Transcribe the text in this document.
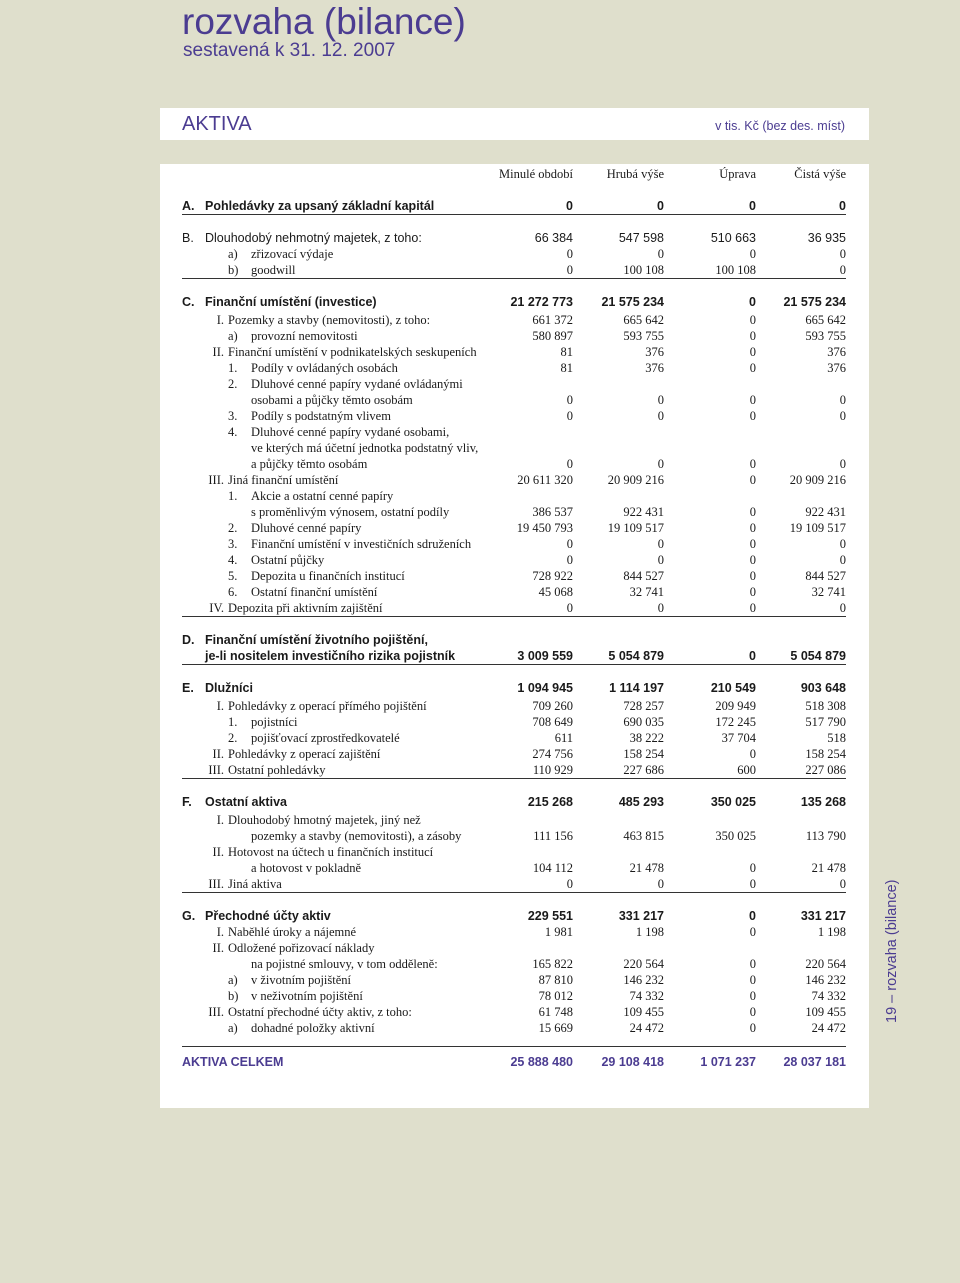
rozvaha (bilance)
sestavená k 31. 12. 2007
AKTIVA	v tis. Kč (bez des. míst)
Minulé období	Hrubá výše	Úprava	Čistá výše
A. Pohledávky za upsaný základní kapitál	0	0	0	0
B. Dlouhodobý nehmotný majetek, z toho:	66 384	547 598	510 663	36 935
a) zřizovací výdaje	0	0	0	0
b) goodwill	0	100 108	100 108	0
C. Finanční umístění (investice)	21 272 773	21 575 234	0	21 575 234
I. Pozemky a stavby (nemovitosti), z toho:	661 372	665 642	0	665 642
a) provozní nemovitosti	580 897	593 755	0	593 755
II. Finanční umístění v podnikatelských seskupeních	81	376	0	376
1. Podíly v ovládaných osobách	81	376	0	376
2. Dluhové cenné papíry vydané ovládanými
osobami a půjčky těmto osobám	0	0	0	0
3. Podíly s podstatným vlivem	0	0	0	0
4. Dluhové cenné papíry vydané osobami,
ve kterých má účetní jednotka podstatný vliv,
a půjčky těmto osobám	0	0	0	0
III. Jiná finanční umístění	20 611 320	20 909 216	0	20 909 216
1. Akcie a ostatní cenné papíry
s proměnlivým výnosem, ostatní podíly	386 537	922 431	0	922 431
2. Dluhové cenné papíry	19 450 793	19 109 517	0	19 109 517
3. Finanční umístění v investičních sdruženích	0	0	0	0
4. Ostatní půjčky	0	0	0	0
5. Depozita u finančních institucí	728 922	844 527	0	844 527
6. Ostatní finanční umístění	45 068	32 741	0	32 741
IV. Depozita při aktivním zajištění	0	0	0	0
D. Finanční umístění životního pojištění,
je-li nositelem investičního rizika pojistník	3 009 559	5 054 879	0	5 054 879
E. Dlužníci	1 094 945	1 114 197	210 549	903 648
I. Pohledávky z operací přímého pojištění	709 260	728 257	209 949	518 308
1. pojistníci	708 649	690 035	172 245	517 790
2. pojišťovací zprostředkovatelé	611	38 222	37 704	518
II. Pohledávky z operací zajištění	274 756	158 254	0	158 254
III. Ostatní pohledávky	110 929	227 686	600	227 086
F. Ostatní aktiva	215 268	485 293	350 025	135 268
I. Dlouhodobý hmotný majetek, jiný než
pozemky a stavby (nemovitosti), a zásoby	111 156	463 815	350 025	113 790
II. Hotovost na účtech u finančních institucí
a hotovost v pokladně	104 112	21 478	0	21 478
III. Jiná aktiva	0	0	0	0
G. Přechodné účty aktiv	229 551	331 217	0	331 217
I. Naběhlé úroky a nájemné	1 981	1 198	0	1 198
II. Odložené pořizovací náklady
na pojistné smlouvy, v tom odděleně:	165 822	220 564	0	220 564
a) v životním pojištění	87 810	146 232	0	146 232
b) v neživotním pojištění	78 012	74 332	0	74 332
III. Ostatní přechodné účty aktiv, z toho:	61 748	109 455	0	109 455
a) dohadné položky aktivní	15 669	24 472	0	24 472
AKTIVA CELKEM	25 888 480	29 108 418	1 071 237	28 037 181
19 – rozvaha (bilance)
